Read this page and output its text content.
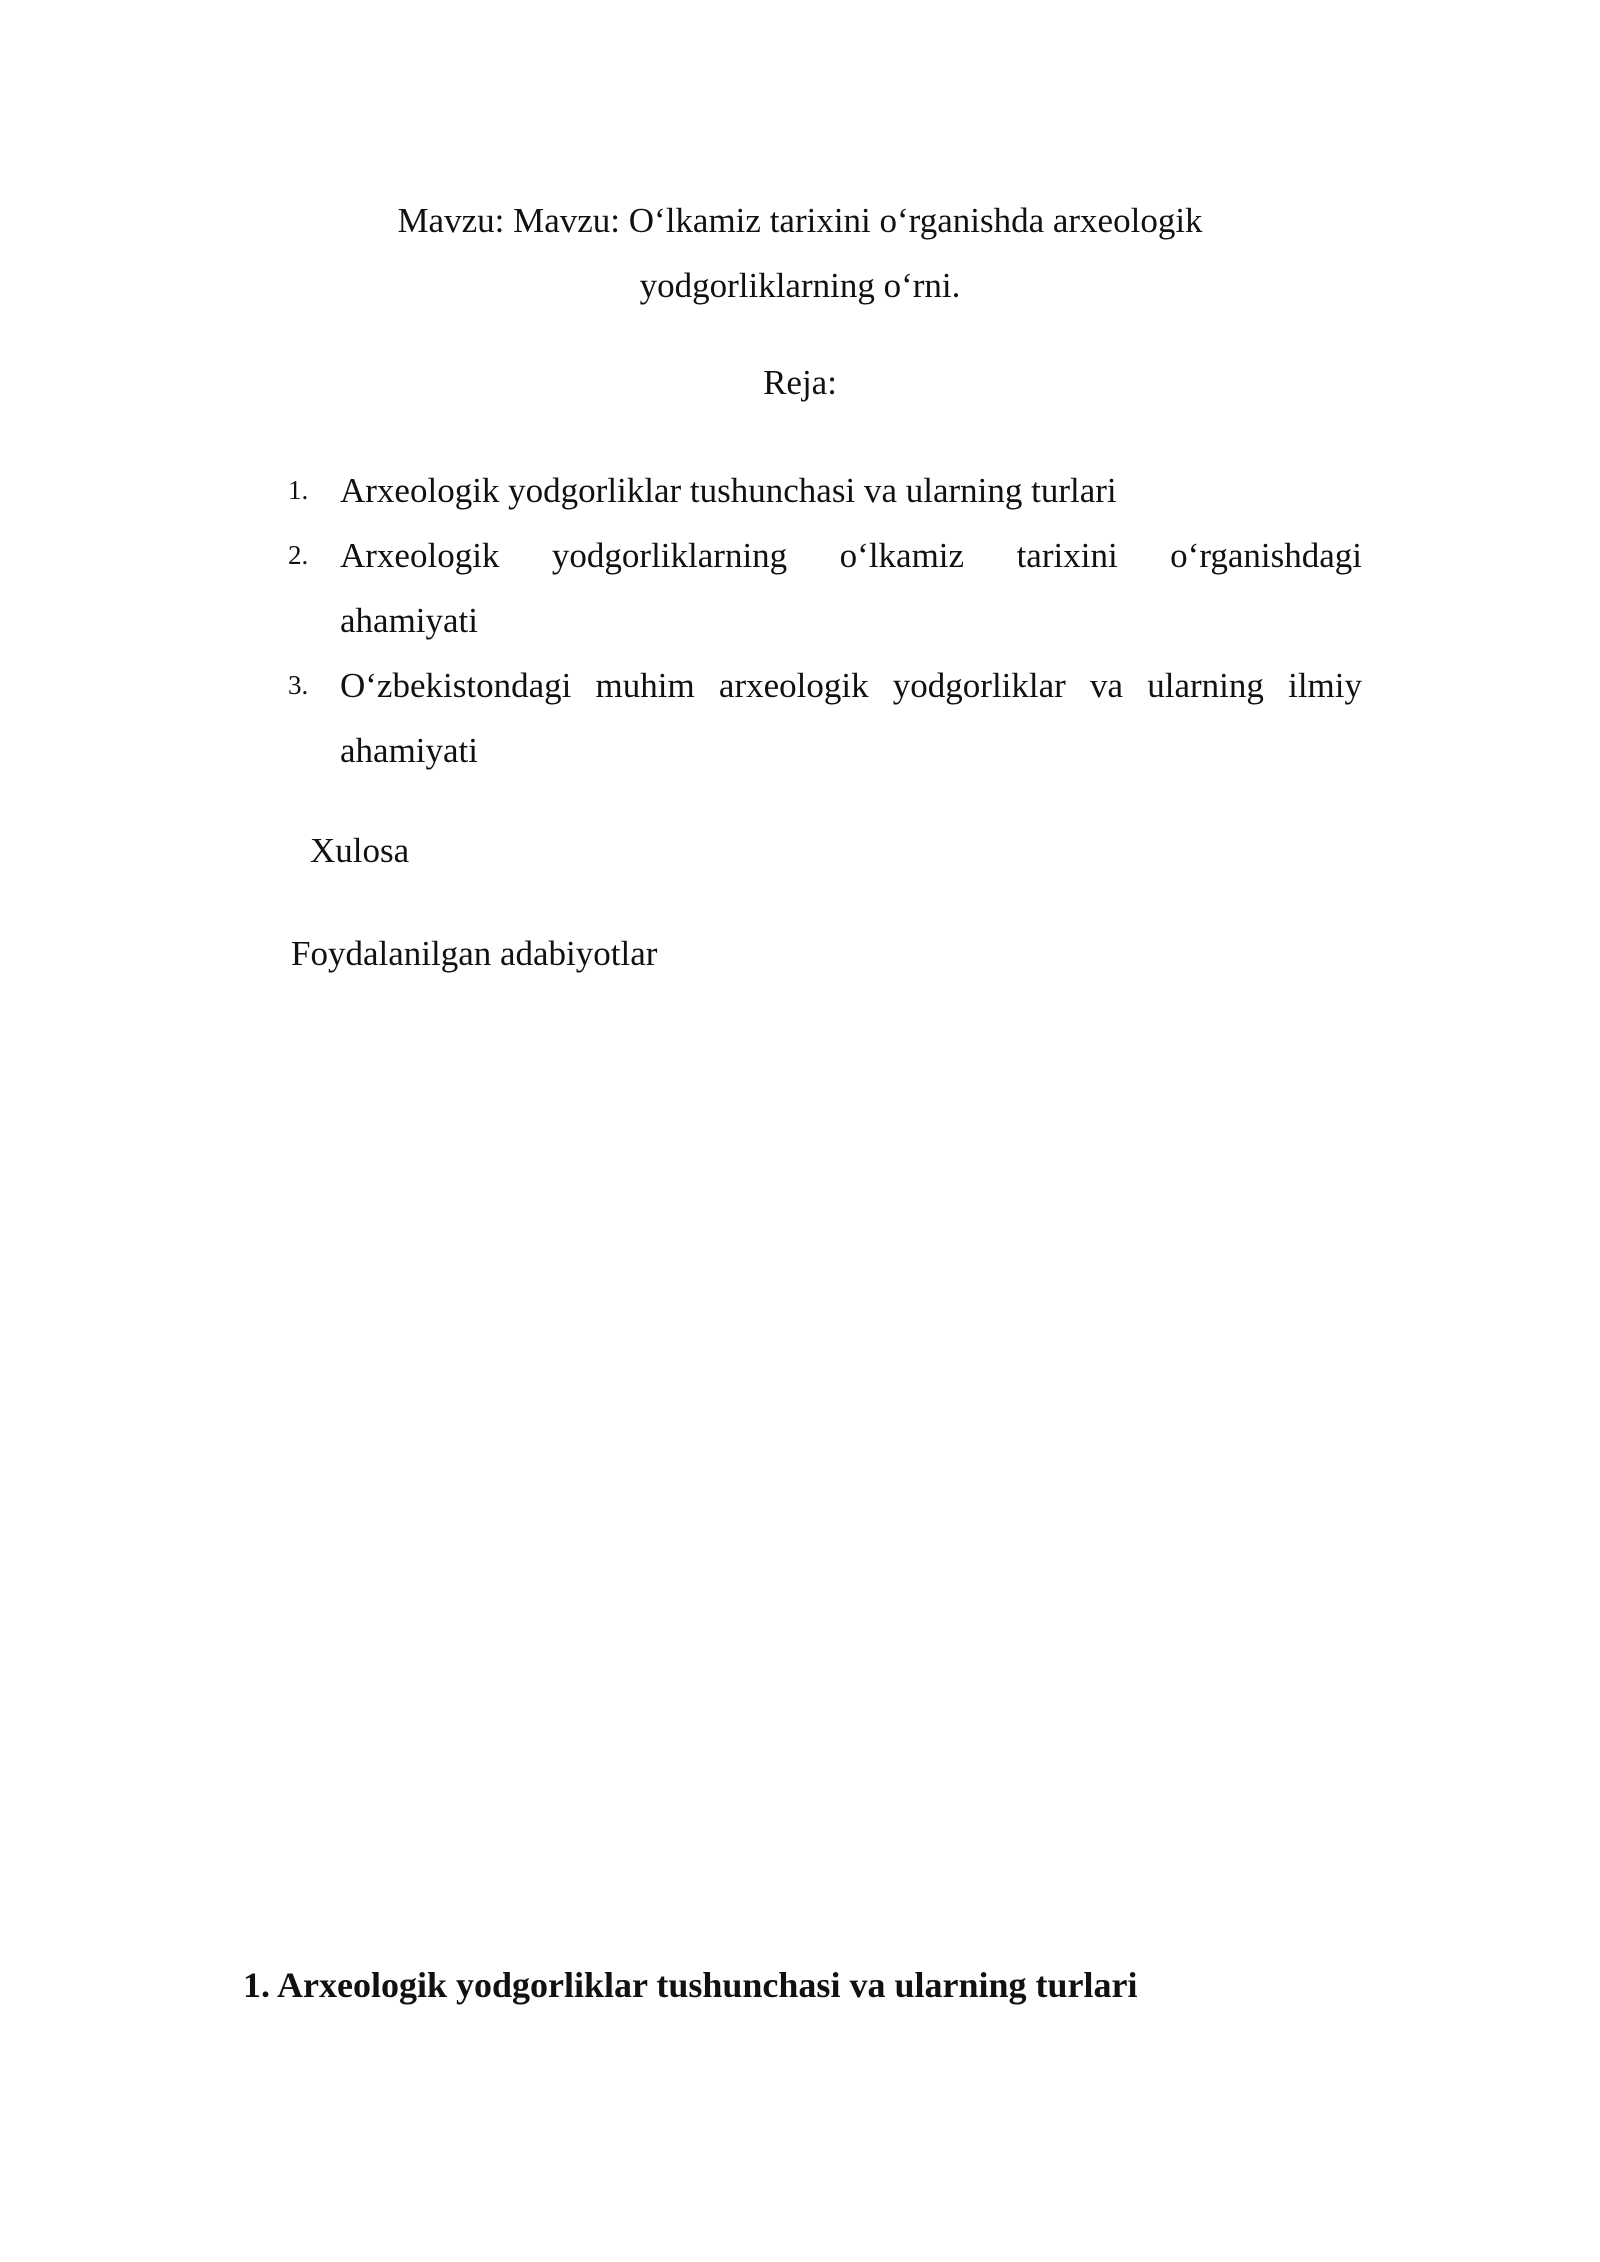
Mavzu: Mavzu: O‘lkamiz tarixini o‘rganishda arxeologik
yodgorliklarning o‘rni.
Reja:
1. Arxeologik yodgorliklar tushunchasi va ularning turlari
2. Arxeologik yodgorliklarning o‘lkamiz tarixini o‘rganishdagi
ahamiyati
3. O‘zbekistondagi muhim arxeologik yodgorliklar va ularning ilmiy
ahamiyati
Xulosa
Foydalanilgan adabiyotlar
1. Arxeologik yodgorliklar tushunchasi va ularning turlari
